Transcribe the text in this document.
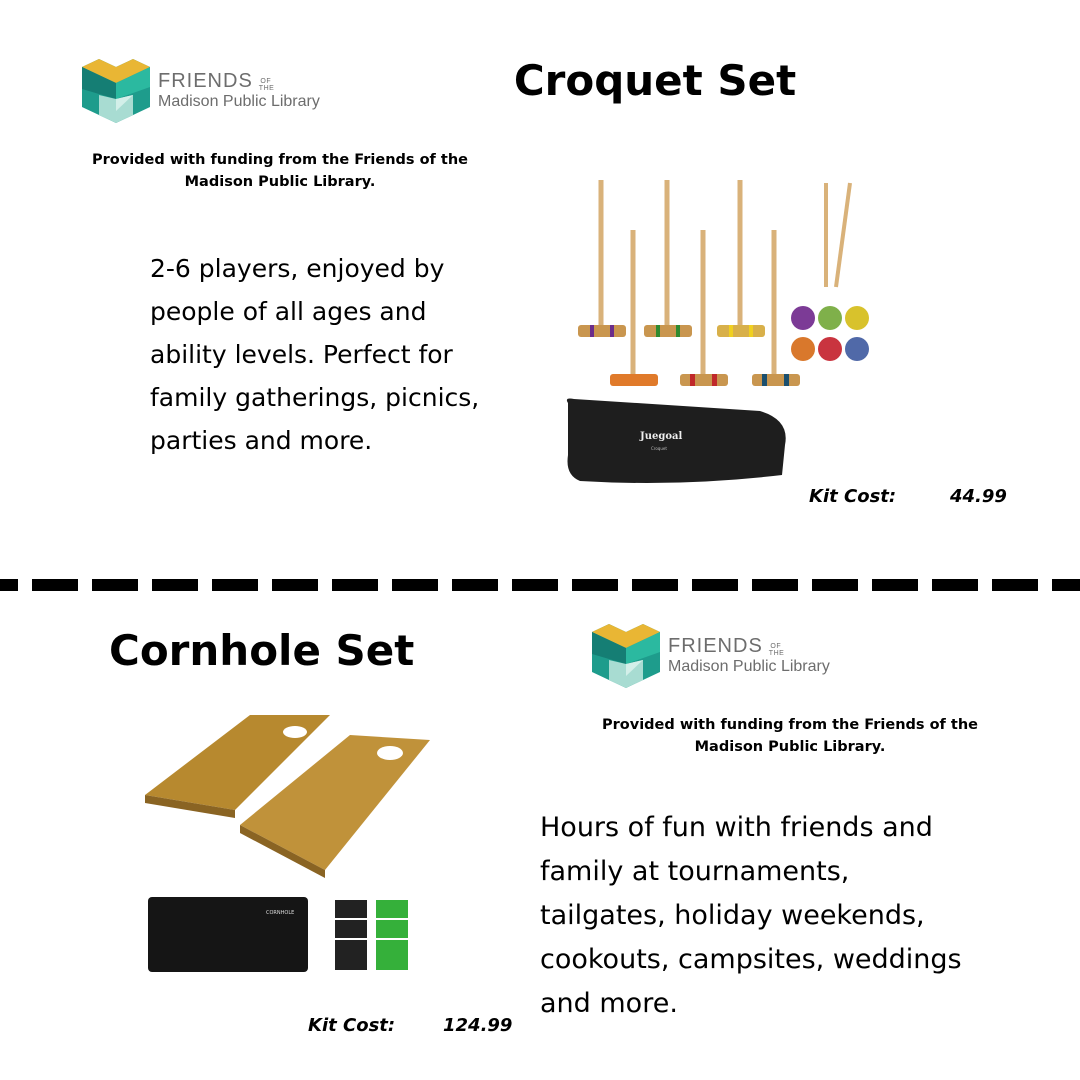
FRIENDS OF THE
Madison Public Library	Croquet Set
Provided with funding from the Friends of the Madison Public Library.
2-6 players, enjoyed by people of all ages and ability levels. Perfect for family gatherings, picnics, parties and more.	Juegoal
Croquet
Kit Cost:	44.99
Cornhole Set	FRIENDS OF THE
Madison Public Library
Provided with funding from the Friends of the Madison Public Library.
Hours of fun with friends and family at tournaments, tailgates, holiday weekends, cookouts, campsites, weddings and more.
CORNHOLE
Kit Cost:	124.99
